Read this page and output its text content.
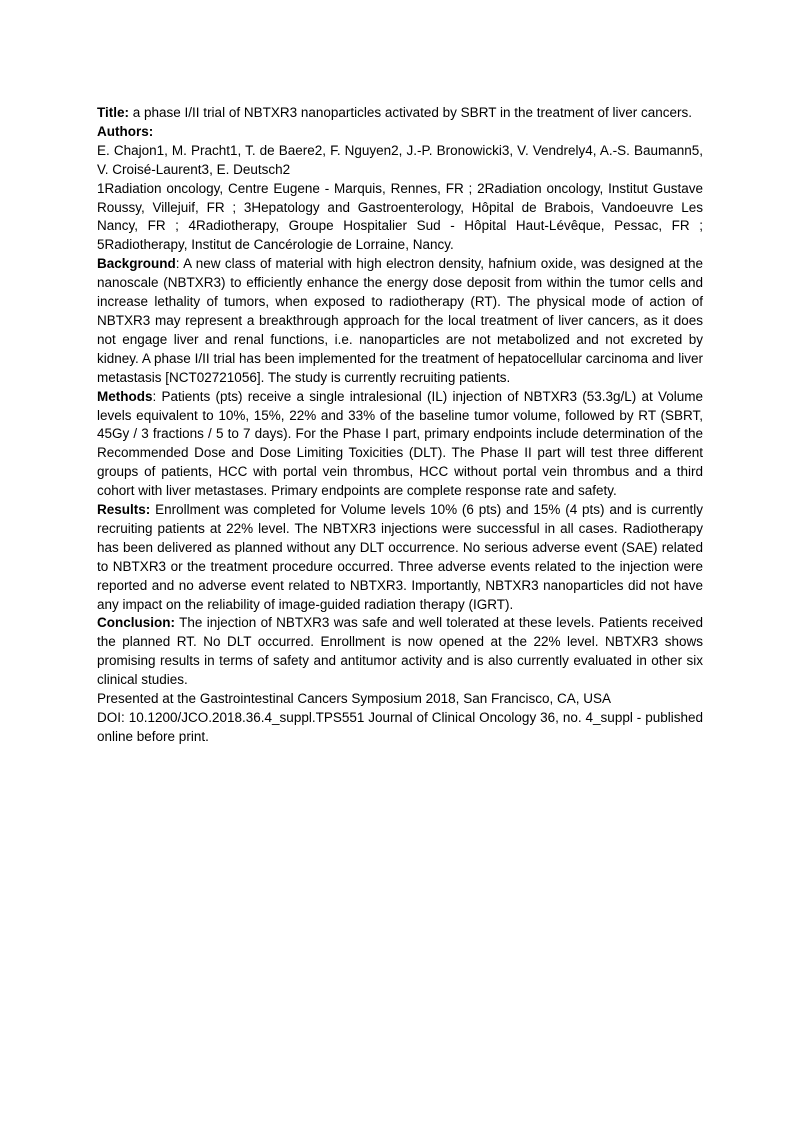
Title: a phase I/II trial of NBTXR3 nanoparticles activated by SBRT in the treatment of liver cancers.

Authors:

E. Chajon1, M. Pracht1, T. de Baere2, F. Nguyen2, J.-P. Bronowicki3, V. Vendrely4, A.-S. Baumann5, V. Croisé-Laurent3, E. Deutsch2

1Radiation oncology, Centre Eugene - Marquis, Rennes, FR ; 2Radiation oncology, Institut Gustave Roussy, Villejuif, FR ; 3Hepatology and Gastroenterology, Hôpital de Brabois, Vandoeuvre Les Nancy, FR ; 4Radiotherapy, Groupe Hospitalier Sud - Hôpital Haut-Lévêque, Pessac, FR ; 5Radiotherapy, Institut de Cancérologie de Lorraine, Nancy.

Background: A new class of material with high electron density, hafnium oxide, was designed at the nanoscale (NBTXR3) to efficiently enhance the energy dose deposit from within the tumor cells and increase lethality of tumors, when exposed to radiotherapy (RT). The physical mode of action of NBTXR3 may represent a breakthrough approach for the local treatment of liver cancers, as it does not engage liver and renal functions, i.e. nanoparticles are not metabolized and not excreted by kidney. A phase I/II trial has been implemented for the treatment of hepatocellular carcinoma and liver metastasis [NCT02721056]. The study is currently recruiting patients.

Methods: Patients (pts) receive a single intralesional (IL) injection of NBTXR3 (53.3g/L) at Volume levels equivalent to 10%, 15%, 22% and 33% of the baseline tumor volume, followed by RT (SBRT, 45Gy / 3 fractions / 5 to 7 days). For the Phase I part, primary endpoints include determination of the Recommended Dose and Dose Limiting Toxicities (DLT). The Phase II part will test three different groups of patients, HCC with portal vein thrombus, HCC without portal vein thrombus and a third cohort with liver metastases. Primary endpoints are complete response rate and safety.

Results: Enrollment was completed for Volume levels 10% (6 pts) and 15% (4 pts) and is currently recruiting patients at 22% level. The NBTXR3 injections were successful in all cases. Radiotherapy has been delivered as planned without any DLT occurrence. No serious adverse event (SAE) related to NBTXR3 or the treatment procedure occurred. Three adverse events related to the injection were reported and no adverse event related to NBTXR3. Importantly, NBTXR3 nanoparticles did not have any impact on the reliability of image-guided radiation therapy (IGRT).

Conclusion: The injection of NBTXR3 was safe and well tolerated at these levels. Patients received the planned RT. No DLT occurred. Enrollment is now opened at the 22% level. NBTXR3 shows promising results in terms of safety and antitumor activity and is also currently evaluated in other six clinical studies.

Presented at the Gastrointestinal Cancers Symposium 2018, San Francisco, CA, USA

DOI: 10.1200/JCO.2018.36.4_suppl.TPS551 Journal of Clinical Oncology 36, no. 4_suppl - published online before print.
